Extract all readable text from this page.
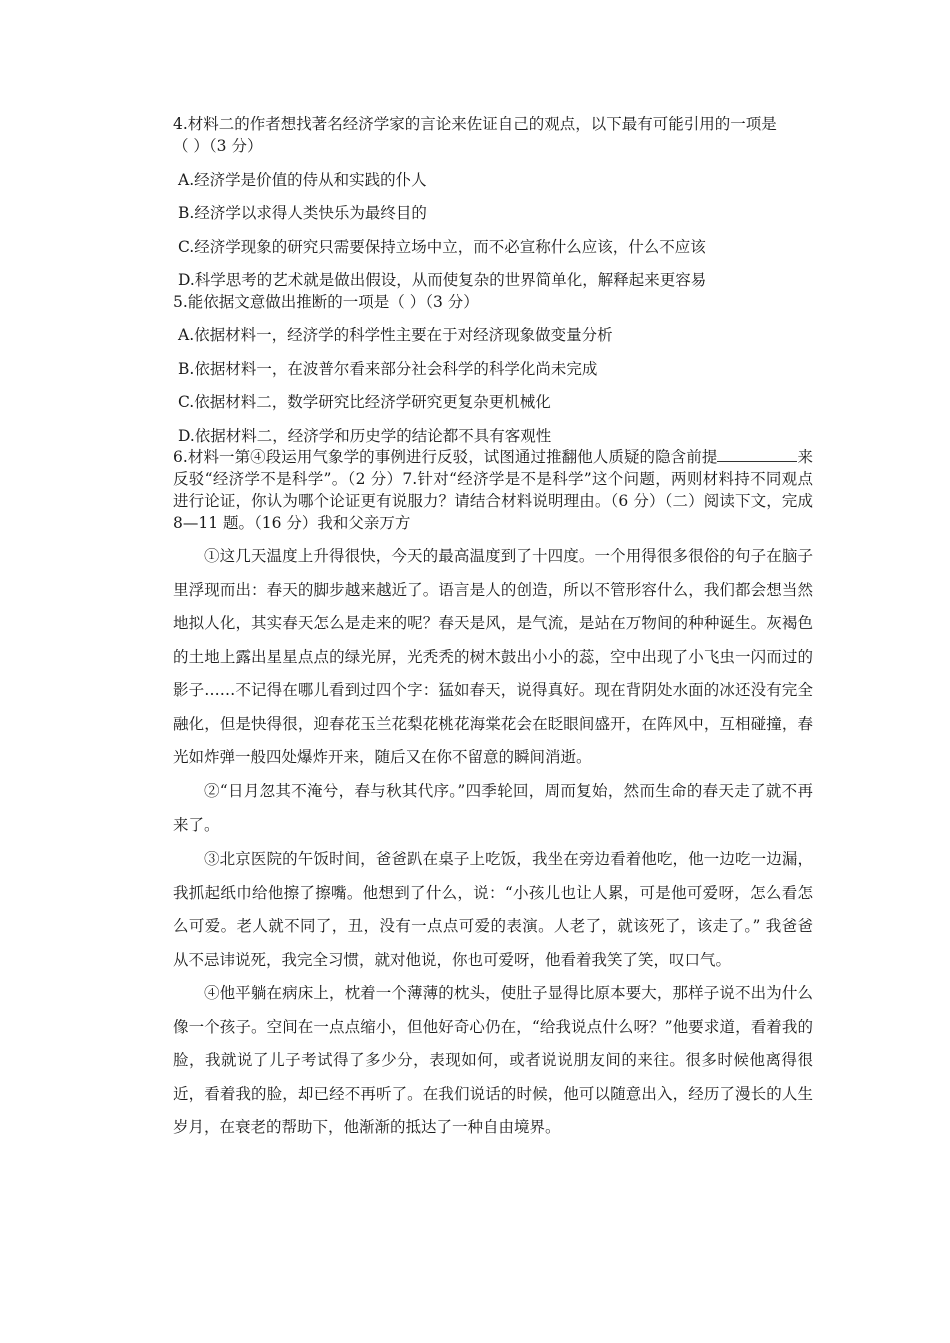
4.材料二的作者想找著名经济学家的言论来佐证自己的观点，以下最有可能引用的一项是
（ ）（3 分）
A.经济学是价值的侍从和实践的仆人
B.经济学以求得人类快乐为最终目的
C.经济学现象的研究只需要保持立场中立，而不必宣称什么应该，什么不应该
D.科学思考的艺术就是做出假设，从而使复杂的世界简单化，解释起来更容易
5.能依据文意做出推断的一项是（ ）（3 分）
A.依据材料一，经济学的科学性主要在于对经济现象做变量分析
B.依据材料一，在波普尔看来部分社会科学的科学化尚未完成
C.依据材料二，数学研究比经济学研究更复杂更机械化
D.依据材料二，经济学和历史学的结论都不具有客观性

6.材料一第④段运用气象学的事例进行反驳，试图通过推翻他人质疑的隐含前提	来反驳“经济学不是科学”。（2 分）7.针对“经济学是不是科学”这个问题，两则材料持不同观点进行论证，你认为哪个论证更有说服力？请结合材料说明理由。（6 分）（二）阅读下文，完成 8—11 题。（16 分）我和父亲万方

①这几天温度上升得很快，今天的最高温度到了十四度。一个用得很多很俗的句子在脑子里浮现而出：春天的脚步越来越近了。语言是人的创造，所以不管形容什么，我们都会想当然地拟人化，其实春天怎么是走来的呢？春天是风，是气流，是站在万物间的种种诞生。灰褐色的土地上露出星星点点的绿光屏，光秃秃的树木鼓出小小的蕊，空中出现了小飞虫一闪而过的影子……不记得在哪儿看到过四个字：猛如春天，说得真好。现在背阴处水面的冰还没有完全融化，但是快得很，迎春花玉兰花梨花桃花海棠花会在眨眼间盛开，在阵风中，互相碰撞，春光如炸弹一般四处爆炸开来，随后又在你不留意的瞬间消逝。

②“日月忽其不淹兮，春与秋其代序。”四季轮回，周而复始，然而生命的春天走了就不再来了。

③北京医院的午饭时间，爸爸趴在桌子上吃饭，我坐在旁边看着他吃，他一边吃一边漏，我抓起纸巾给他擦了擦嘴。他想到了什么，说：“小孩儿也让人累，可是他可爱呀，怎么看怎么可爱。老人就不同了，丑，没有一点点可爱的表演。人老了，就该死了，该走了。” 我爸爸从不忌讳说死，我完全习惯，就对他说，你也可爱呀，他看着我笑了笑，叹口气。

④他平躺在病床上，枕着一个薄薄的枕头，使肚子显得比原本要大，那样子说不出为什么像一个孩子。空间在一点点缩小，但他好奇心仍在，“给我说点什么呀？”他要求道，看着我的脸，我就说了儿子考试得了多少分，表现如何，或者说说朋友间的来往。很多时候他离得很近，看着我的脸，却已经不再听了。在我们说话的时候，他可以随意出入，经历了漫长的人生岁月，在衰老的帮助下，他渐渐的抵达了一种自由境界。
